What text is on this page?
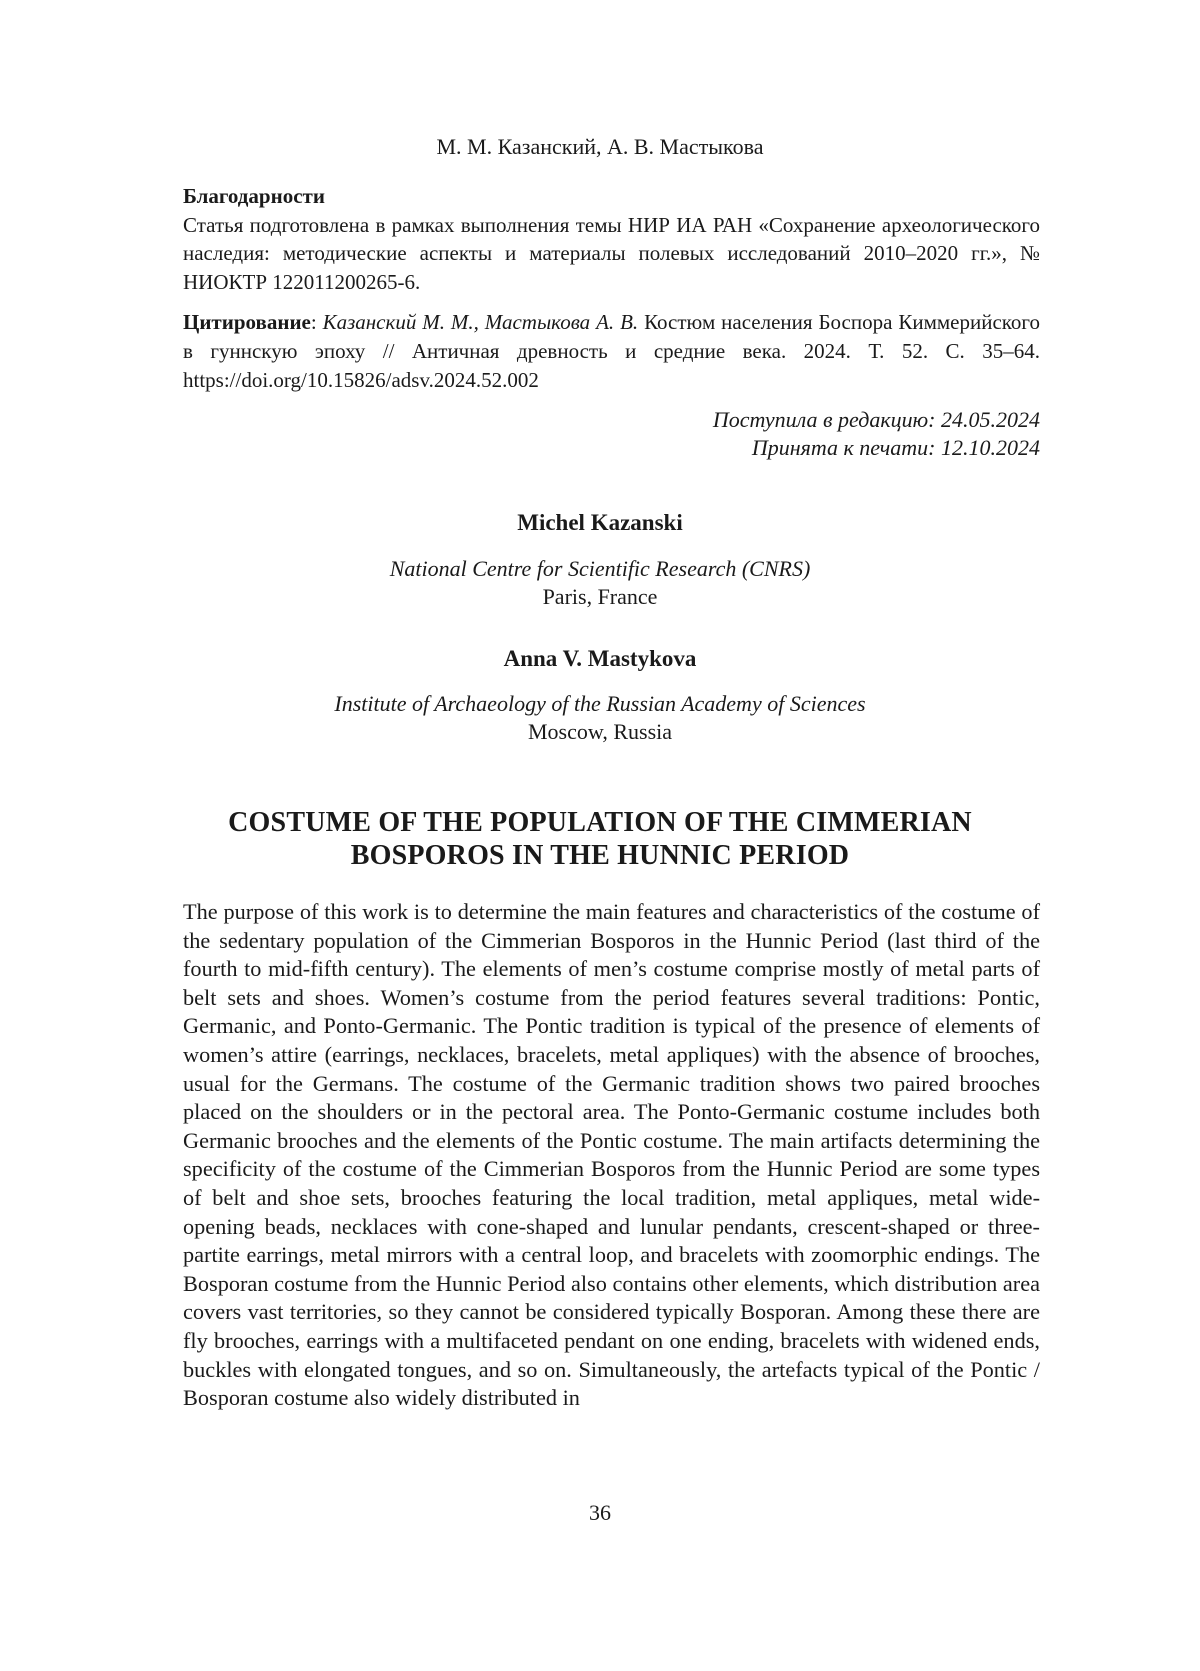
М. М. Казанский, А. В. Мастыкова
Благодарности
Статья подготовлена в рамках выполнения темы НИР ИА РАН «Сохранение археологического наследия: методические аспекты и материалы полевых исследований 2010–2020 гг.», № НИОКТР 122011200265-6.
Цитирование: Казанский М. М., Мастыкова А. В. Костюм населения Боспора Киммерийского в гуннскую эпоху // Античная древность и средние века. 2024. Т. 52. С. 35–64. https://doi.org/10.15826/adsv.2024.52.002
Поступила в редакцию: 24.05.2024
Принята к печати: 12.10.2024
Michel Kazanski
National Centre for Scientific Research (CNRS)
Paris, France
Anna V. Mastykova
Institute of Archaeology of the Russian Academy of Sciences
Moscow, Russia
COSTUME OF THE POPULATION OF THE CIMMERIAN
BOSPOROS IN THE HUNNIC PERIOD
The purpose of this work is to determine the main features and characteristics of the costume of the sedentary population of the Cimmerian Bosporos in the Hunnic Period (last third of the fourth to mid-fifth century). The elements of men’s costume comprise mostly of metal parts of belt sets and shoes. Women’s costume from the period features several traditions: Pontic, Germanic, and Ponto-Germanic. The Pontic tradition is typical of the presence of elements of women’s attire (earrings, necklaces, bracelets, metal appliques) with the absence of brooches, usual for the Germans. The costume of the Germanic tradition shows two paired brooches placed on the shoulders or in the pectoral area. The Ponto-Germanic costume includes both Germanic brooches and the elements of the Pontic costume. The main artifacts determining the specificity of the costume of the Cimmerian Bosporos from the Hunnic Period are some types of belt and shoe sets, brooches featuring the local tradition, metal appliques, metal wide-opening beads, necklaces with cone-shaped and lunular pendants, crescent-shaped or three-partite earrings, metal mirrors with a central loop, and bracelets with zoomorphic endings. The Bosporan costume from the Hunnic Period also contains other elements, which distribution area covers vast territories, so they cannot be considered typically Bosporan. Among these there are fly brooches, earrings with a multifaceted pendant on one ending, bracelets with widened ends, buckles with elongated tongues, and so on. Simultaneously, the artefacts typical of the Pontic / Bosporan costume also widely distributed in
36
